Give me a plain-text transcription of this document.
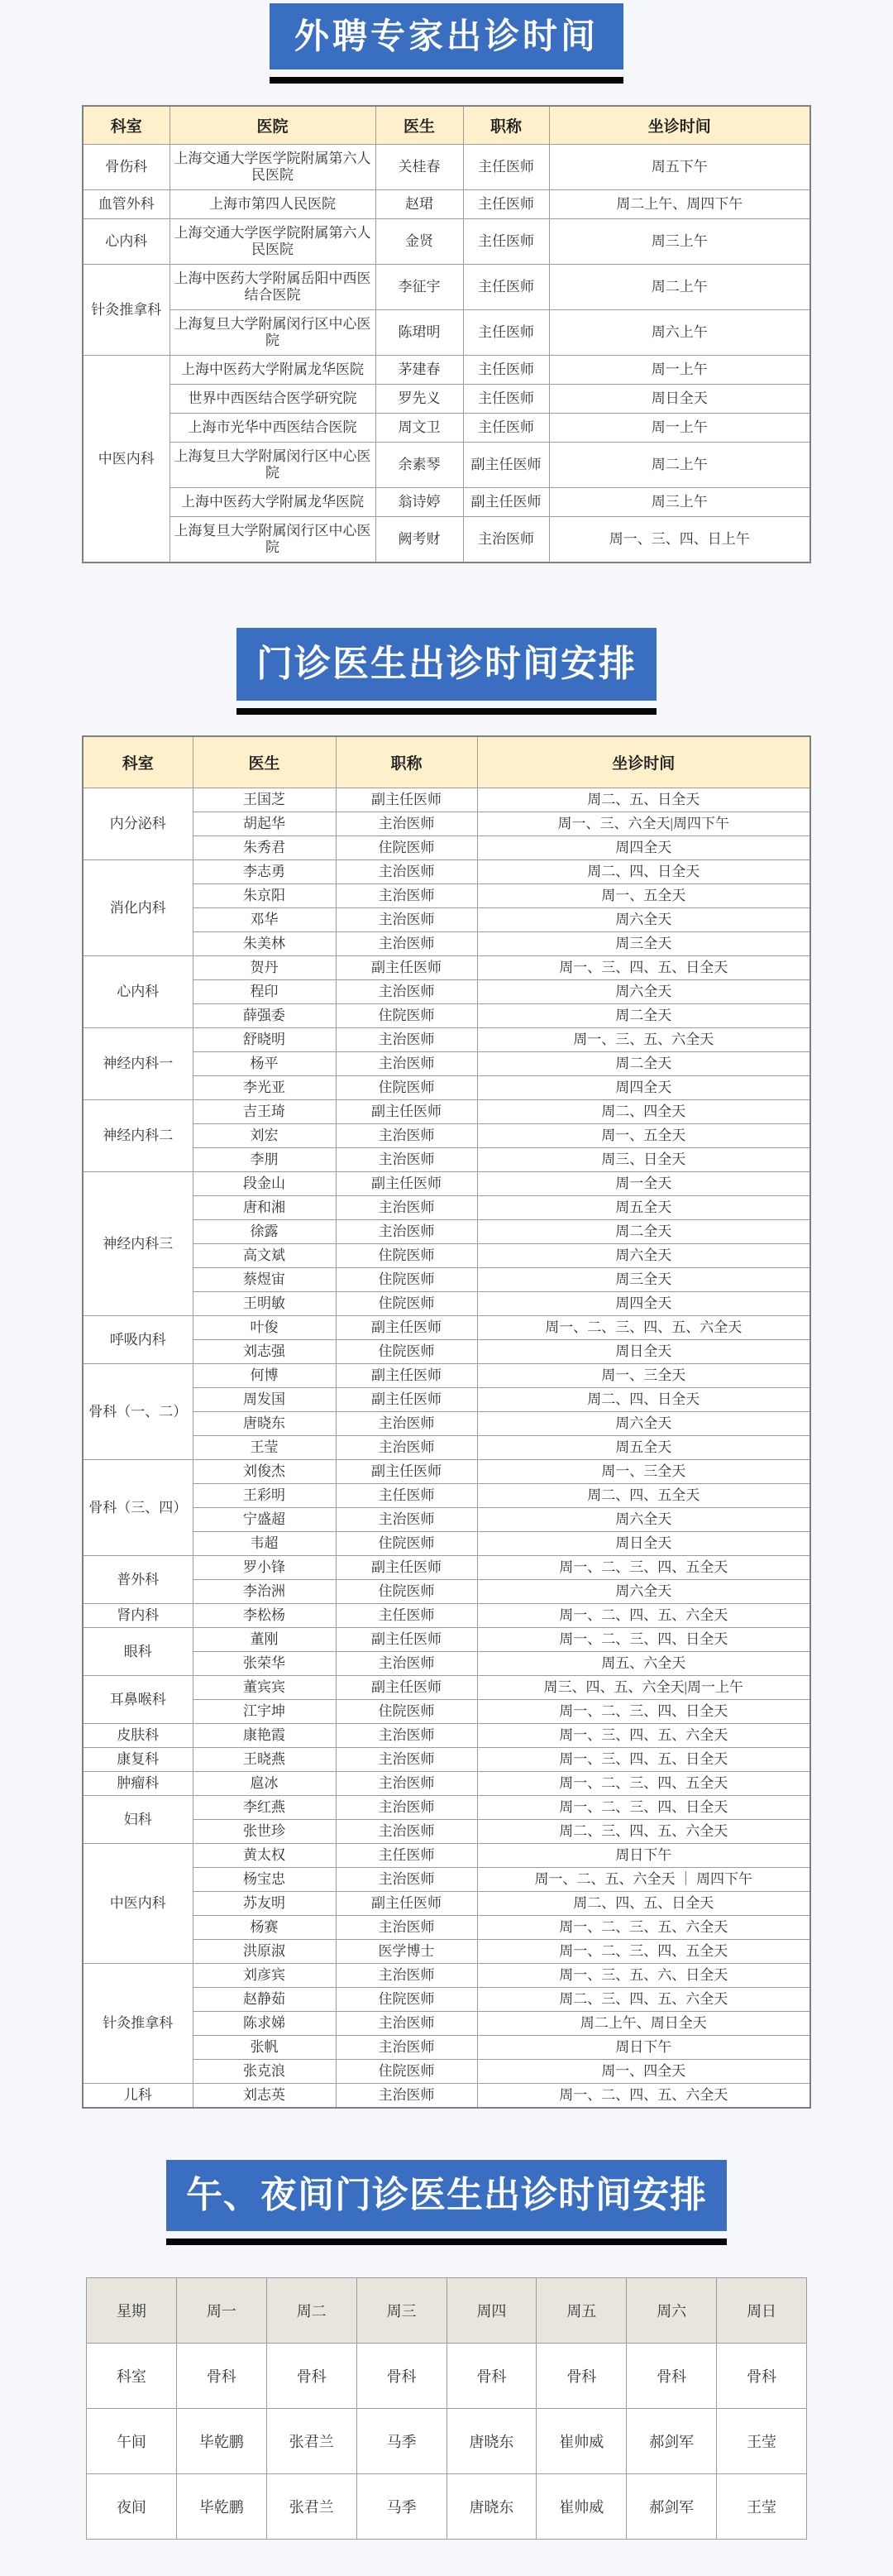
外聘专家出诊时间
科室	医院	医生	职称	坐诊时间
骨伤科	上海交通大学医学院附属第六人民医院	关桂春	主任医师	周五下午
血管外科	上海市第四人民医院	赵珺	主任医师	周二上午、周四下午
心内科	上海交通大学医学院附属第六人民医院	金贤	主任医师	周三上午
针灸推拿科	上海中医药大学附属岳阳中西医结合医院	李征宇	主任医师	周二上午
	上海复旦大学附属闵行区中心医院	陈珺明	主任医师	周六上午
中医内科	上海中医药大学附属龙华医院	茅建春	主任医师	周一上午
	世界中西医结合医学研究院	罗先义	主任医师	周日全天
	上海市光华中西医结合医院	周文卫	主任医师	周一上午
	上海复旦大学附属闵行区中心医院	余素琴	副主任医师	周二上午
	上海中医药大学附属龙华医院	翁诗婷	副主任医师	周三上午
	上海复旦大学附属闵行区中心医院	阙考财	主治医师	周一、三、四、日上午
门诊医生出诊时间安排
科室	医生	职称	坐诊时间
内分泌科	王国芝	副主任医师	周二、五、日全天
	胡起华	主治医师	周一、三、六全天|周四下午
	朱秀君	住院医师	周四全天
消化内科	李志勇	主治医师	周二、四、日全天
	朱京阳	主治医师	周一、五全天
	邓华	主治医师	周六全天
	朱美林	主治医师	周三全天
心内科	贺丹	副主任医师	周一、三、四、五、日全天
	程印	主治医师	周六全天
	薛强委	住院医师	周二全天
神经内科一	舒晓明	主治医师	周一、三、五、六全天
	杨平	主治医师	周二全天
	李光亚	住院医师	周四全天
神经内科二	吉王琦	副主任医师	周二、四全天
	刘宏	主治医师	周一、五全天
	李朋	主治医师	周三、日全天
神经内科三	段金山	副主任医师	周一全天
	唐和湘	主治医师	周五全天
	徐露	主治医师	周二全天
	高文斌	住院医师	周六全天
	蔡煜宙	住院医师	周三全天
	王明敏	住院医师	周四全天
呼吸内科	叶俊	副主任医师	周一、二、三、四、五、六全天
	刘志强	住院医师	周日全天
骨科（一、二）	何博	副主任医师	周一、三全天
	周发国	副主任医师	周二、四、日全天
	唐晓东	主治医师	周六全天
	王莹	主治医师	周五全天
骨科（三、四）	刘俊杰	副主任医师	周一、三全天
	王彩明	主任医师	周二、四、五全天
	宁盛超	主治医师	周六全天
	韦超	住院医师	周日全天
普外科	罗小锋	副主任医师	周一、二、三、四、五全天
	李治洲	住院医师	周六全天
肾内科	李松杨	主任医师	周一、二、四、五、六全天
眼科	董刚	副主任医师	周一、二、三、四、日全天
	张荣华	主治医师	周五、六全天
耳鼻喉科	董宾宾	副主任医师	周三、四、五、六全天|周一上午
	江宇坤	住院医师	周一、二、三、四、日全天
皮肤科	康艳霞	主治医师	周一、三、四、五、六全天
康复科	王晓燕	主治医师	周一、三、四、五、日全天
肿瘤科	扈冰	主治医师	周一、二、三、四、五全天
妇科	李红燕	主治医师	周一、二、三、四、日全天
	张世珍	主治医师	周二、三、四、五、六全天
中医内科	黄太权	主任医师	周日下午
	杨宝忠	主治医师	周一、二、五、六全天 ｜ 周四下午
	苏友明	副主任医师	周二、四、五、日全天
	杨赛	主治医师	周一、二、三、五、六全天
	洪原淑	医学博士	周一、二、三、四、五全天
针灸推拿科	刘彦宾	主治医师	周一、三、五、六、日全天
	赵静茹	住院医师	周二、三、四、五、六全天
	陈求娣	主治医师	周二上午、周日全天
	张帆	主治医师	周日下午
	张克浪	住院医师	周一、四全天
儿科	刘志英	主治医师	周一、二、四、五、六全天
午、夜间门诊医生出诊时间安排
星期	周一	周二	周三	周四	周五	周六	周日
科室	骨科	骨科	骨科	骨科	骨科	骨科	骨科
午间	毕乾鹏	张君兰	马季	唐晓东	崔帅威	郝剑军	王莹
夜间	毕乾鹏	张君兰	马季	唐晓东	崔帅威	郝剑军	王莹
